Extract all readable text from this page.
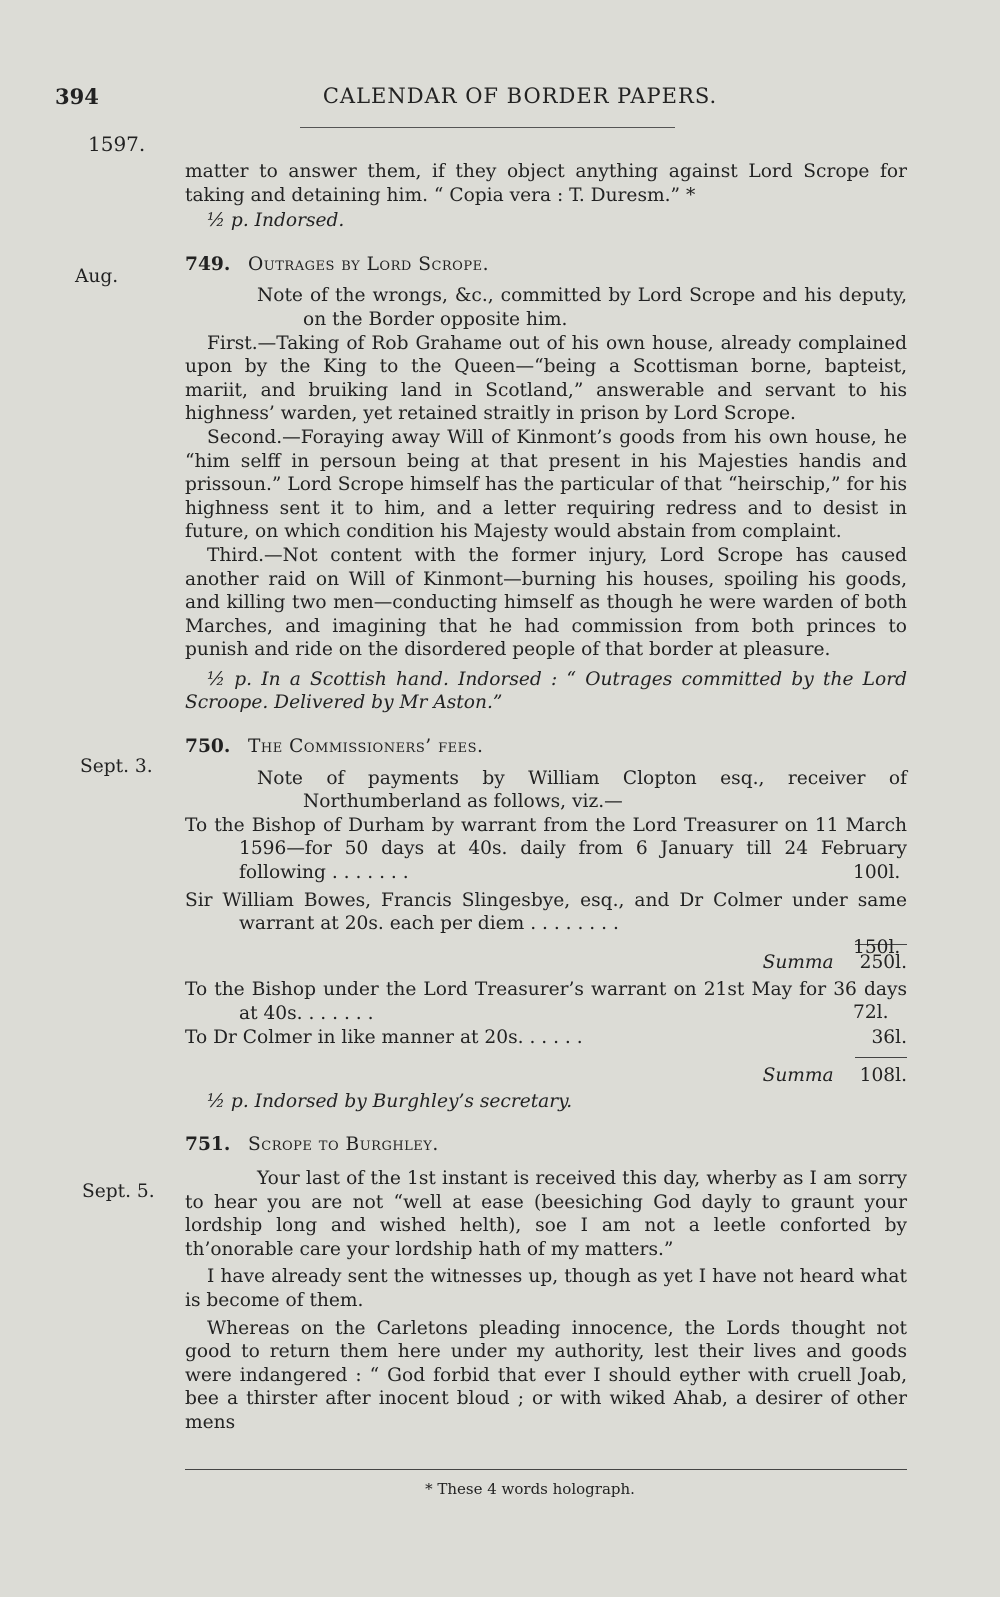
394	CALENDAR OF BORDER PAPERS.
1597.
Aug.
Sept. 3.
Sept. 5.

matter to answer them, if they object anything against Lord Scrope for taking and detaining him. “ Copia vera : T. Duresm.” *

½ p. Indorsed.

749. Outrages by Lord Scrope.

Note of the wrongs, &c., committed by Lord Scrope and his deputy, on the Border opposite him.

First.—Taking of Rob Grahame out of his own house, already complained upon by the King to the Queen—“being a Scottisman borne, bapteist, mariit, and bruiking land in Scotland,” answerable and servant to his highness’ warden, yet retained straitly in prison by Lord Scrope.

Second.—Foraying away Will of Kinmont’s goods from his own house, he “him selff in persoun being at that present in his Majesties handis and prissoun.” Lord Scrope himself has the particular of that “heirschip,” for his highness sent it to him, and a letter requiring redress and to desist in future, on which condition his Majesty would abstain from complaint.

Third.—Not content with the former injury, Lord Scrope has caused another raid on Will of Kinmont—burning his houses, spoiling his goods, and killing two men—conducting himself as though he were warden of both Marches, and imagining that he had commission from both princes to punish and ride on the disordered people of that border at pleasure.

½ p. In a Scottish hand. Indorsed : “ Outrages committed by the Lord Scroope. Delivered by Mr Aston.”

750. The Commissioners’ fees.

Note of payments by William Clopton esq., receiver of Northumberland as follows, viz.—

100l.
To the Bishop of Durham by warrant from the Lord Treasurer on 11 March 1596—for 50 days at 40s. daily from 6 January till 24 February following . . . . . . .
150l.
Sir William Bowes, Francis Slingesbye, esq., and Dr Colmer under same warrant at 20s. each per diem . . . . . . . .
Summa 250l.
72l.
To the Bishop under the Lord Treasurer’s warrant on 21st May for 36 days at 40s. . . . . . .
36l.
To Dr Colmer in like manner at 20s. . . . . .
Summa 108l.

½ p. Indorsed by Burghley’s secretary.

751. Scrope to Burghley.

Your last of the 1st instant is received this day, wherby as I am sorry to hear you are not “well at ease (beesiching God dayly to graunt your lordship long and wished helth), soe I am not a leetle conforted by th’onorable care your lordship hath of my matters.”

I have already sent the witnesses up, though as yet I have not heard what is become of them.

Whereas on the Carletons pleading innocence, the Lords thought not good to return them here under my authority, lest their lives and goods were indangered : “ God forbid that ever I should eyther with cruell Joab, bee a thirster after inocent bloud ; or with wiked Ahab, a desirer of other mens

* These 4 words holograph.
